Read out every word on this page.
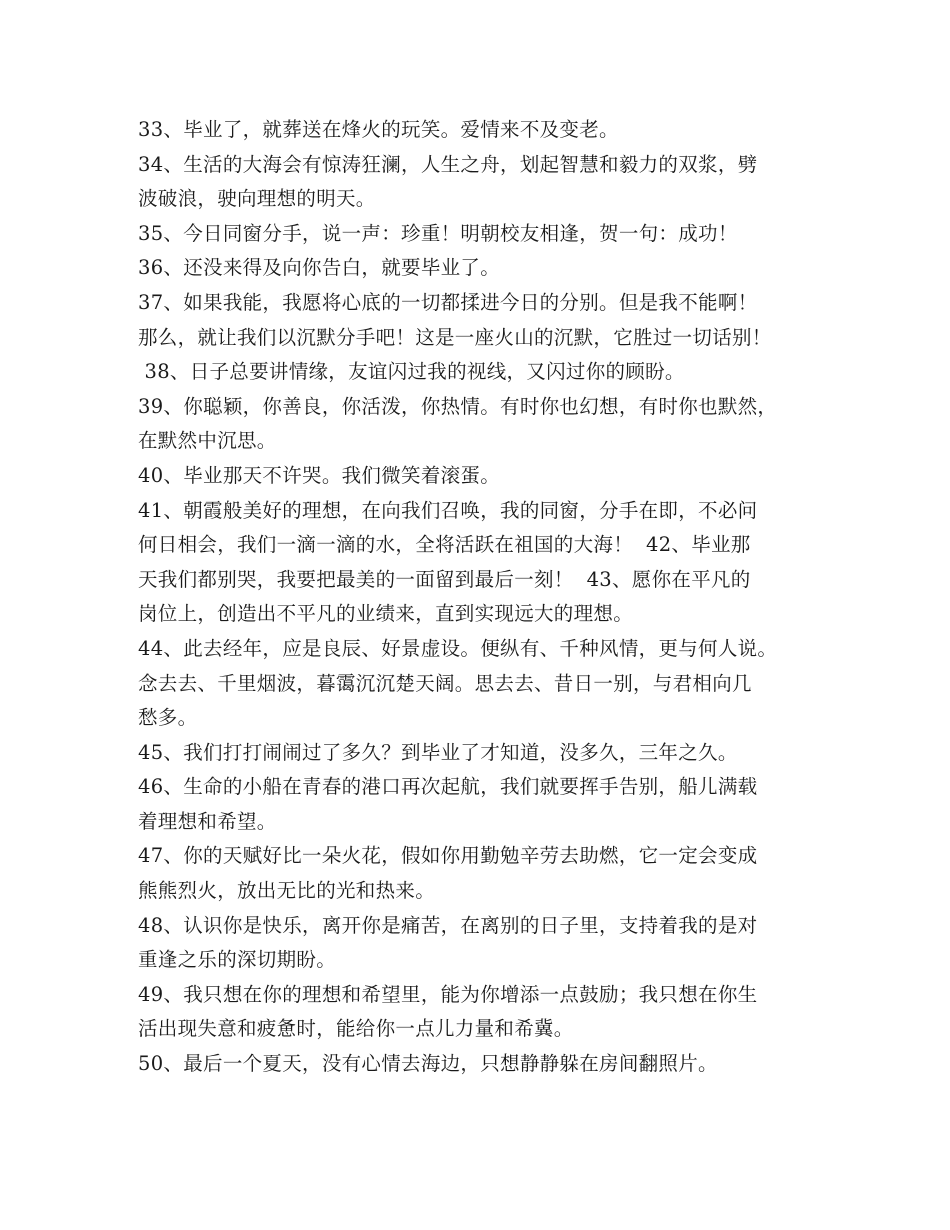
33、毕业了，就葬送在烽火的玩笑。爱情来不及变老。
34、生活的大海会有惊涛狂澜，人生之舟，划起智慧和毅力的双浆，劈
波破浪，驶向理想的明天。
35、今日同窗分手，说一声：珍重！明朝校友相逢，贺一句：成功！
36、还没来得及向你告白，就要毕业了。
37、如果我能，我愿将心底的一切都揉进今日的分别。但是我不能啊！
那么，就让我们以沉默分手吧！这是一座火山的沉默，它胜过一切话别！
38、日子总要讲情缘，友谊闪过我的视线，又闪过你的顾盼。
39、你聪颖，你善良，你活泼，你热情。有时你也幻想，有时你也默然，
在默然中沉思。
40、毕业那天不许哭。我们微笑着滚蛋。
41、朝霞般美好的理想，在向我们召唤，我的同窗，分手在即，不必问
何日相会，我们一滴一滴的水，全将活跃在祖国的大海！  42、毕业那
天我们都别哭，我要把最美的一面留到最后一刻！  43、愿你在平凡的
岗位上，创造出不平凡的业绩来，直到实现远大的理想。
44、此去经年，应是良辰、好景虚设。便纵有、千种风情，更与何人说。
念去去、千里烟波，暮霭沉沉楚天阔。思去去、昔日一别，与君相向几
愁多。
45、我们打打闹闹过了多久？到毕业了才知道，没多久，三年之久。
46、生命的小船在青春的港口再次起航，我们就要挥手告别，船儿满载
着理想和希望。
47、你的天赋好比一朵火花，假如你用勤勉辛劳去助燃，它一定会变成
熊熊烈火，放出无比的光和热来。
48、认识你是快乐，离开你是痛苦，在离别的日子里，支持着我的是对
重逢之乐的深切期盼。
49、我只想在你的理想和希望里，能为你增添一点鼓励；我只想在你生
活出现失意和疲惫时，能给你一点儿力量和希冀。
50、最后一个夏天，没有心情去海边，只想静静躲在房间翻照片。
